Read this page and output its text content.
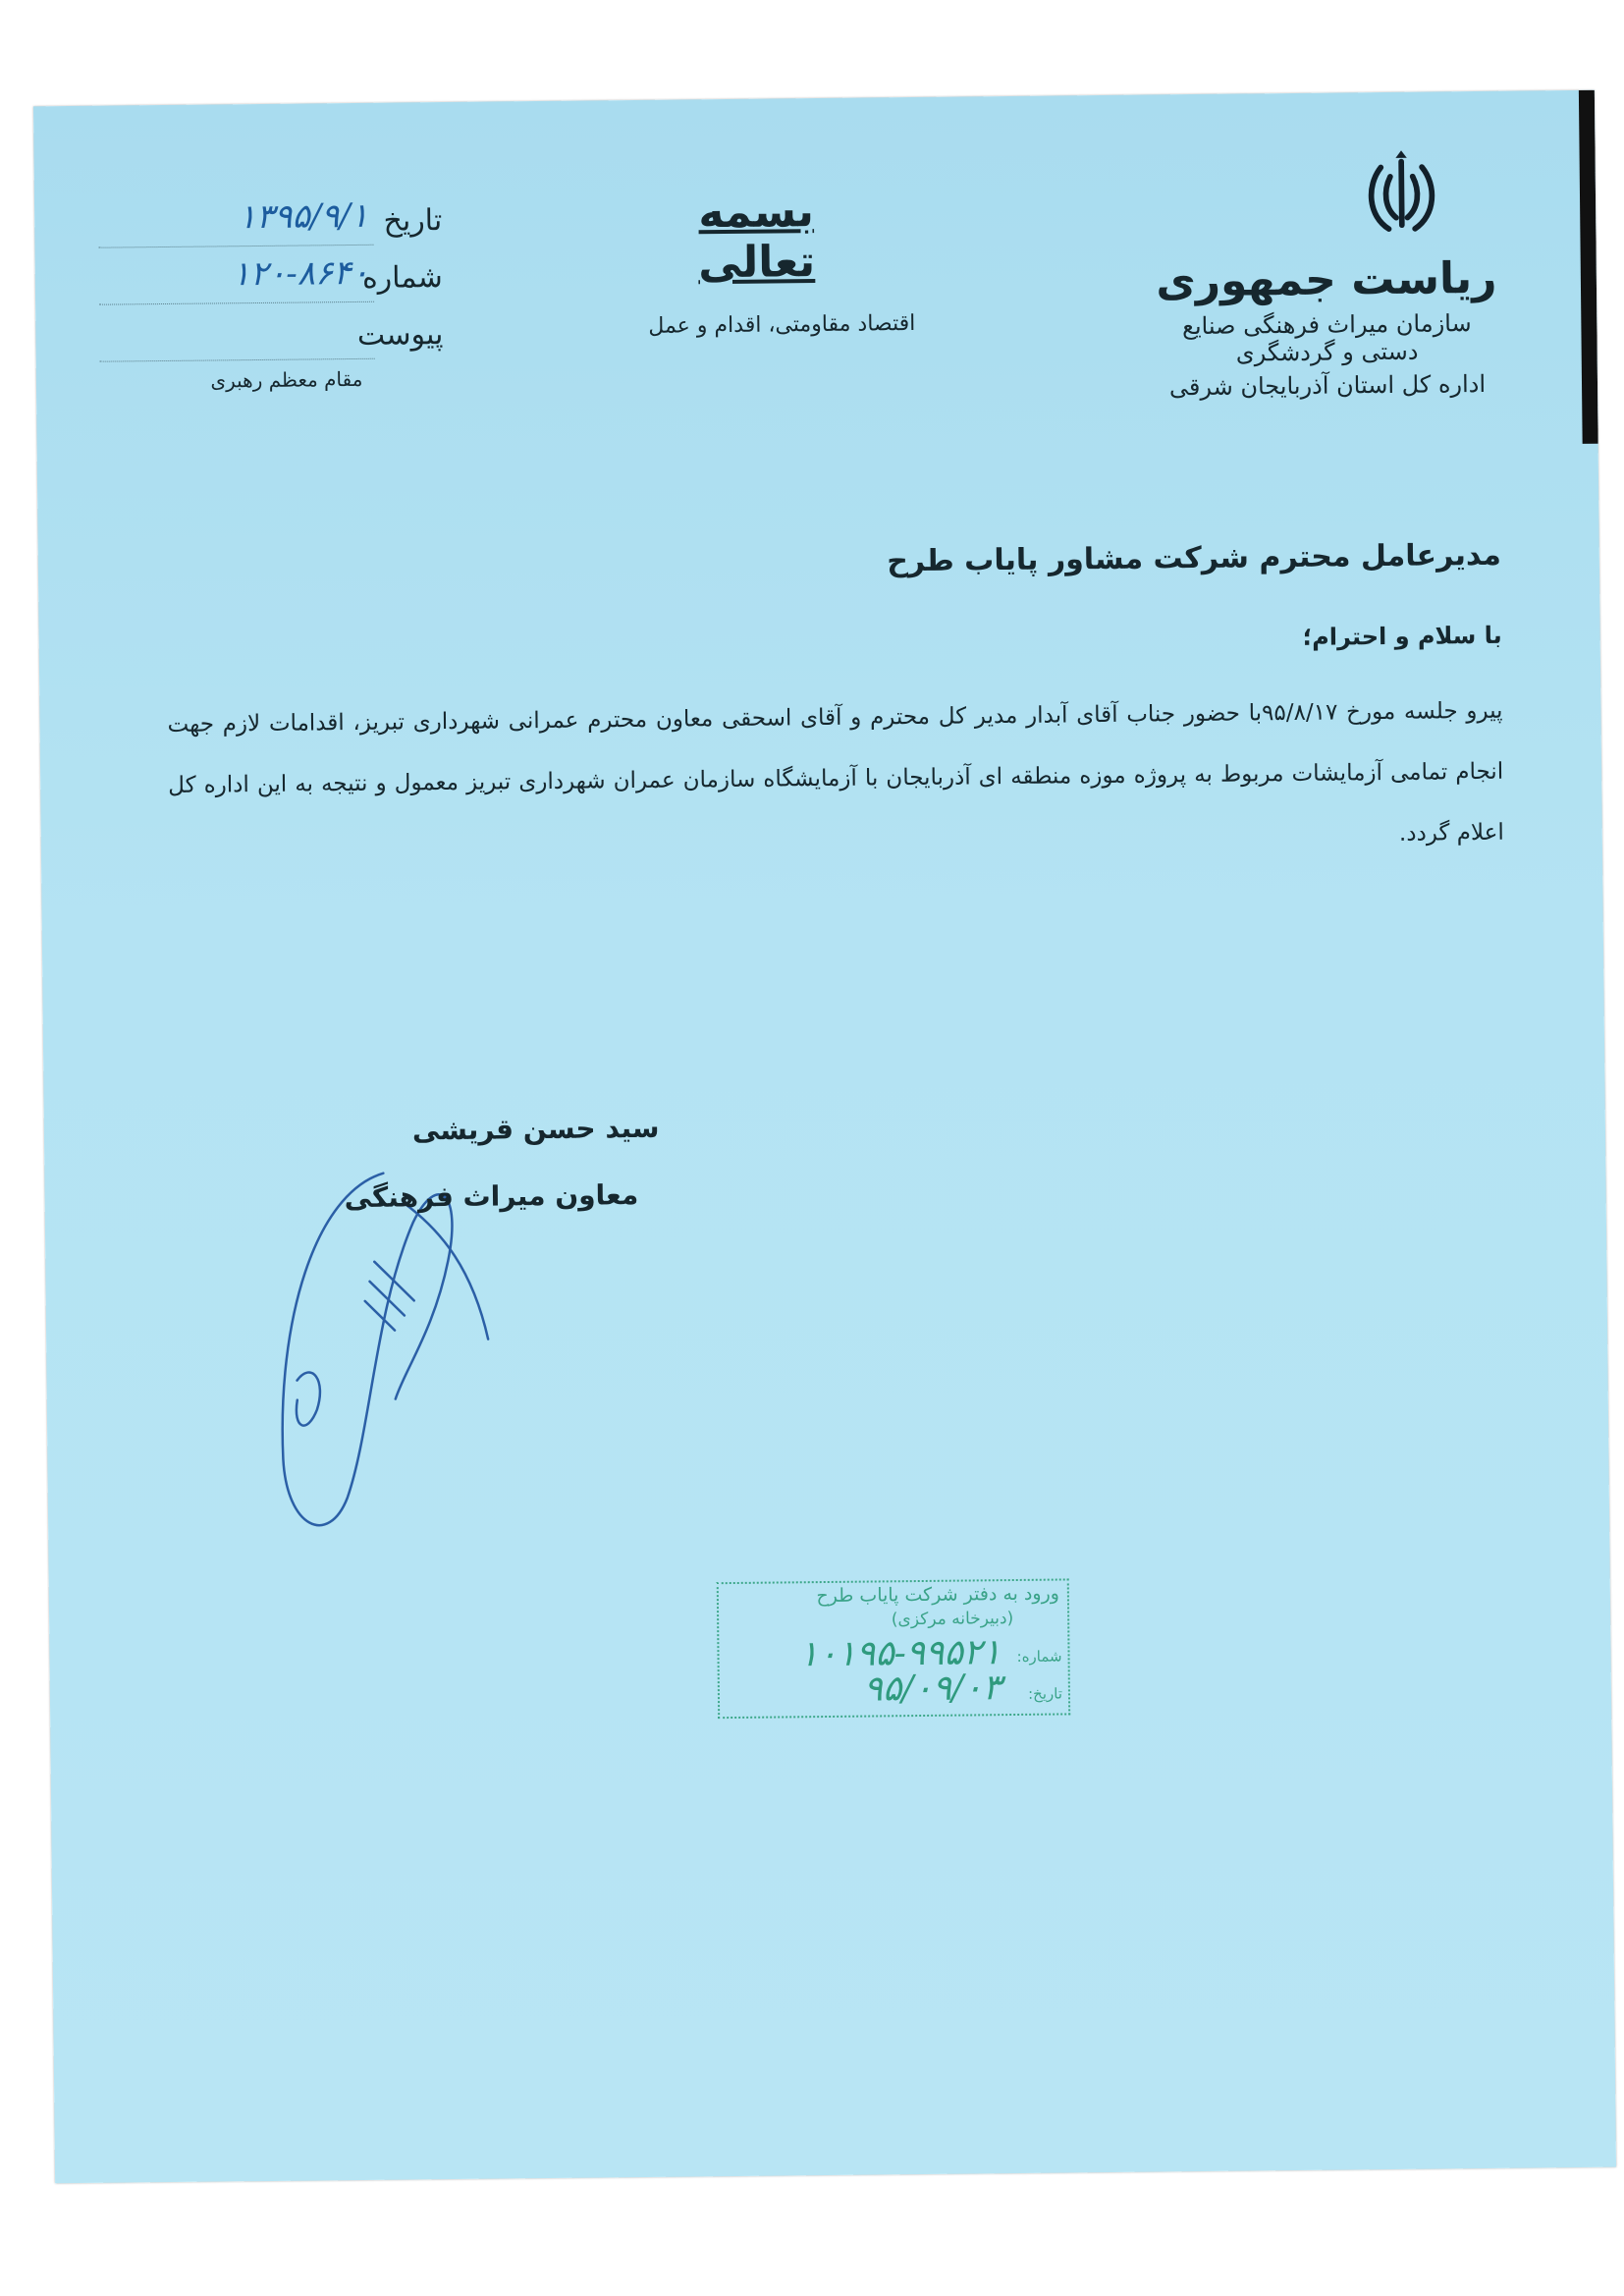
ریاست جمهوری
سازمان میراث فرهنگی صنایع دستی و گردشگری
اداره کل استان آذربایجان شرقی
بسمه تعالی
اقتصاد مقاومتی، اقدام و عمل
تاریخ
۱۳۹۵/۹/۱
شماره
۱۲۰-۸۶۴۰
پیوست
مقام معظم رهبری
مدیرعامل محترم شرکت مشاور پایاب طرح
با سلام و احترام؛
پیرو جلسه مورخ ۹۵/۸/۱۷با حضور جناب آقای آبدار مدیر کل محترم و آقای اسحقی معاون محترم عمرانی شهرداری تبریز، اقدامات لازم جهت انجام تمامی آزمایشات مربوط به پروژه موزه منطقه ای آذربایجان با آزمایشگاه سازمان عمران شهرداری تبریز معمول و نتیجه به این اداره کل اعلام گردد.
سید حسن قریشی
معاون میراث فرهنگی
ورود به دفتر شرکت پایاب طرح
(دبیرخانه مرکزی)
شماره:
۱۰۱۹۵-۹۹۵۲۱
تاریخ:
۹۵/۰۹/۰۳
